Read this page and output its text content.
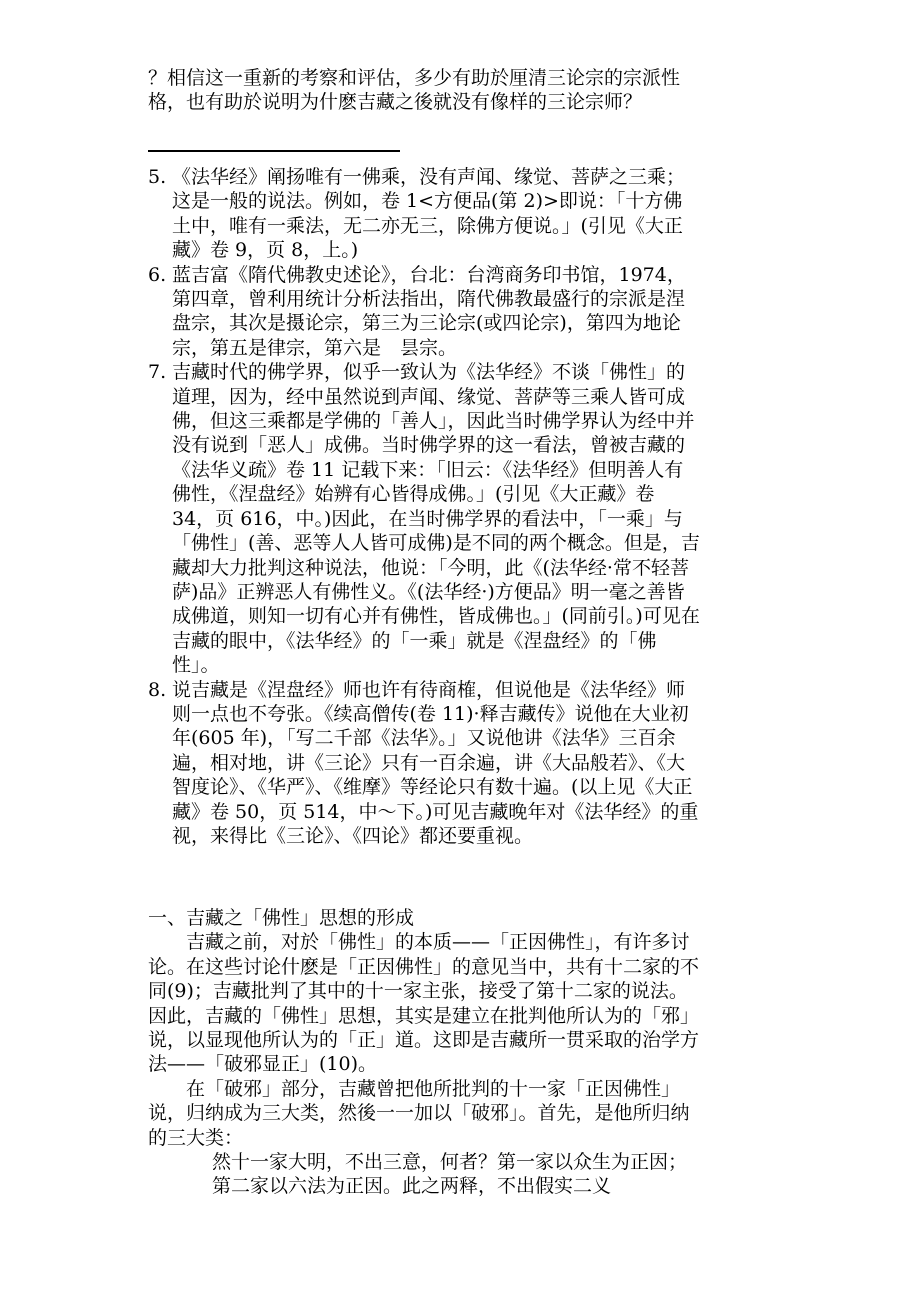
？相信这一重新的考察和评估，多少有助於厘清三论宗的宗派性格，也有助於说明为什麽吉藏之後就没有像样的三论宗师？
5. 《法华经》阐扬唯有一佛乘，没有声闻、缘觉、菩萨之三乘；这是一般的说法。例如，卷 1<方便品(第 2)>即说：「十方佛土中，唯有一乘法，无二亦无三，除佛方便说。」(引见《大正藏》卷 9，页 8，上。)
6. 蓝吉富《隋代佛教史述论》，台北：台湾商务印书馆，1974，第四章，曾利用统计分析法指出，隋代佛教最盛行的宗派是涅盘宗，其次是摄论宗，第三为三论宗(或四论宗)，第四为地论宗，第五是律宗，第六是　昙宗。
7. 吉藏时代的佛学界，似乎一致认为《法华经》不谈「佛性」的道理，因为，经中虽然说到声闻、缘觉、菩萨等三乘人皆可成佛，但这三乘都是学佛的「善人」，因此当时佛学界认为经中并没有说到「恶人」成佛。当时佛学界的这一看法，曾被吉藏的《法华义疏》卷 11 记载下来：「旧云：《法华经》但明善人有佛性，《涅盘经》始辨有心皆得成佛。」(引见《大正藏》卷 34，页 616，中。)因此，在当时佛学界的看法中，「一乘」与「佛性」(善、恶等人人皆可成佛)是不同的两个概念。但是，吉藏却大力批判这种说法，他说：「今明，此《(法华经·常不轻菩萨)品》正辨恶人有佛性义。《(法华经·)方便品》明一毫之善皆成佛道，则知一切有心并有佛性，皆成佛也。」(同前引。)可见在吉藏的眼中，《法华经》的「一乘」就是《涅盘经》的「佛性」。
8. 说吉藏是《涅盘经》师也许有待商榷，但说他是《法华经》师则一点也不夸张。《续高僧传(卷 11)·释吉藏传》说他在大业初年(605 年)，「写二千部《法华》。」又说他讲《法华》三百余遍，相对地，讲《三论》只有一百余遍，讲《大品般若》、《大智度论》、《华严》、《维摩》等经论只有数十遍。(以上见《大正藏》卷 50，页 514，中～下。)可见吉藏晚年对《法华经》的重视，来得比《三论》、《四论》都还要重视。

一、吉藏之「佛性」思想的形成

吉藏之前，对於「佛性」的本质——「正因佛性」，有许多讨论。在这些讨论什麽是「正因佛性」的意见当中，共有十二家的不同(9)；吉藏批判了其中的十一家主张，接受了第十二家的说法。因此，吉藏的「佛性」思想，其实是建立在批判他所认为的「邪」说，以显现他所认为的「正」道。这即是吉藏所一贯采取的治学方法——「破邪显正」(10)。

在「破邪」部分，吉藏曾把他所批判的十一家「正因佛性」说，归纳成为三大类，然後一一加以「破邪」。首先，是他所归纳的三大类：

然十一家大明，不出三意，何者？第一家以众生为正因；第二家以六法为正因。此之两释，不出假实二义
